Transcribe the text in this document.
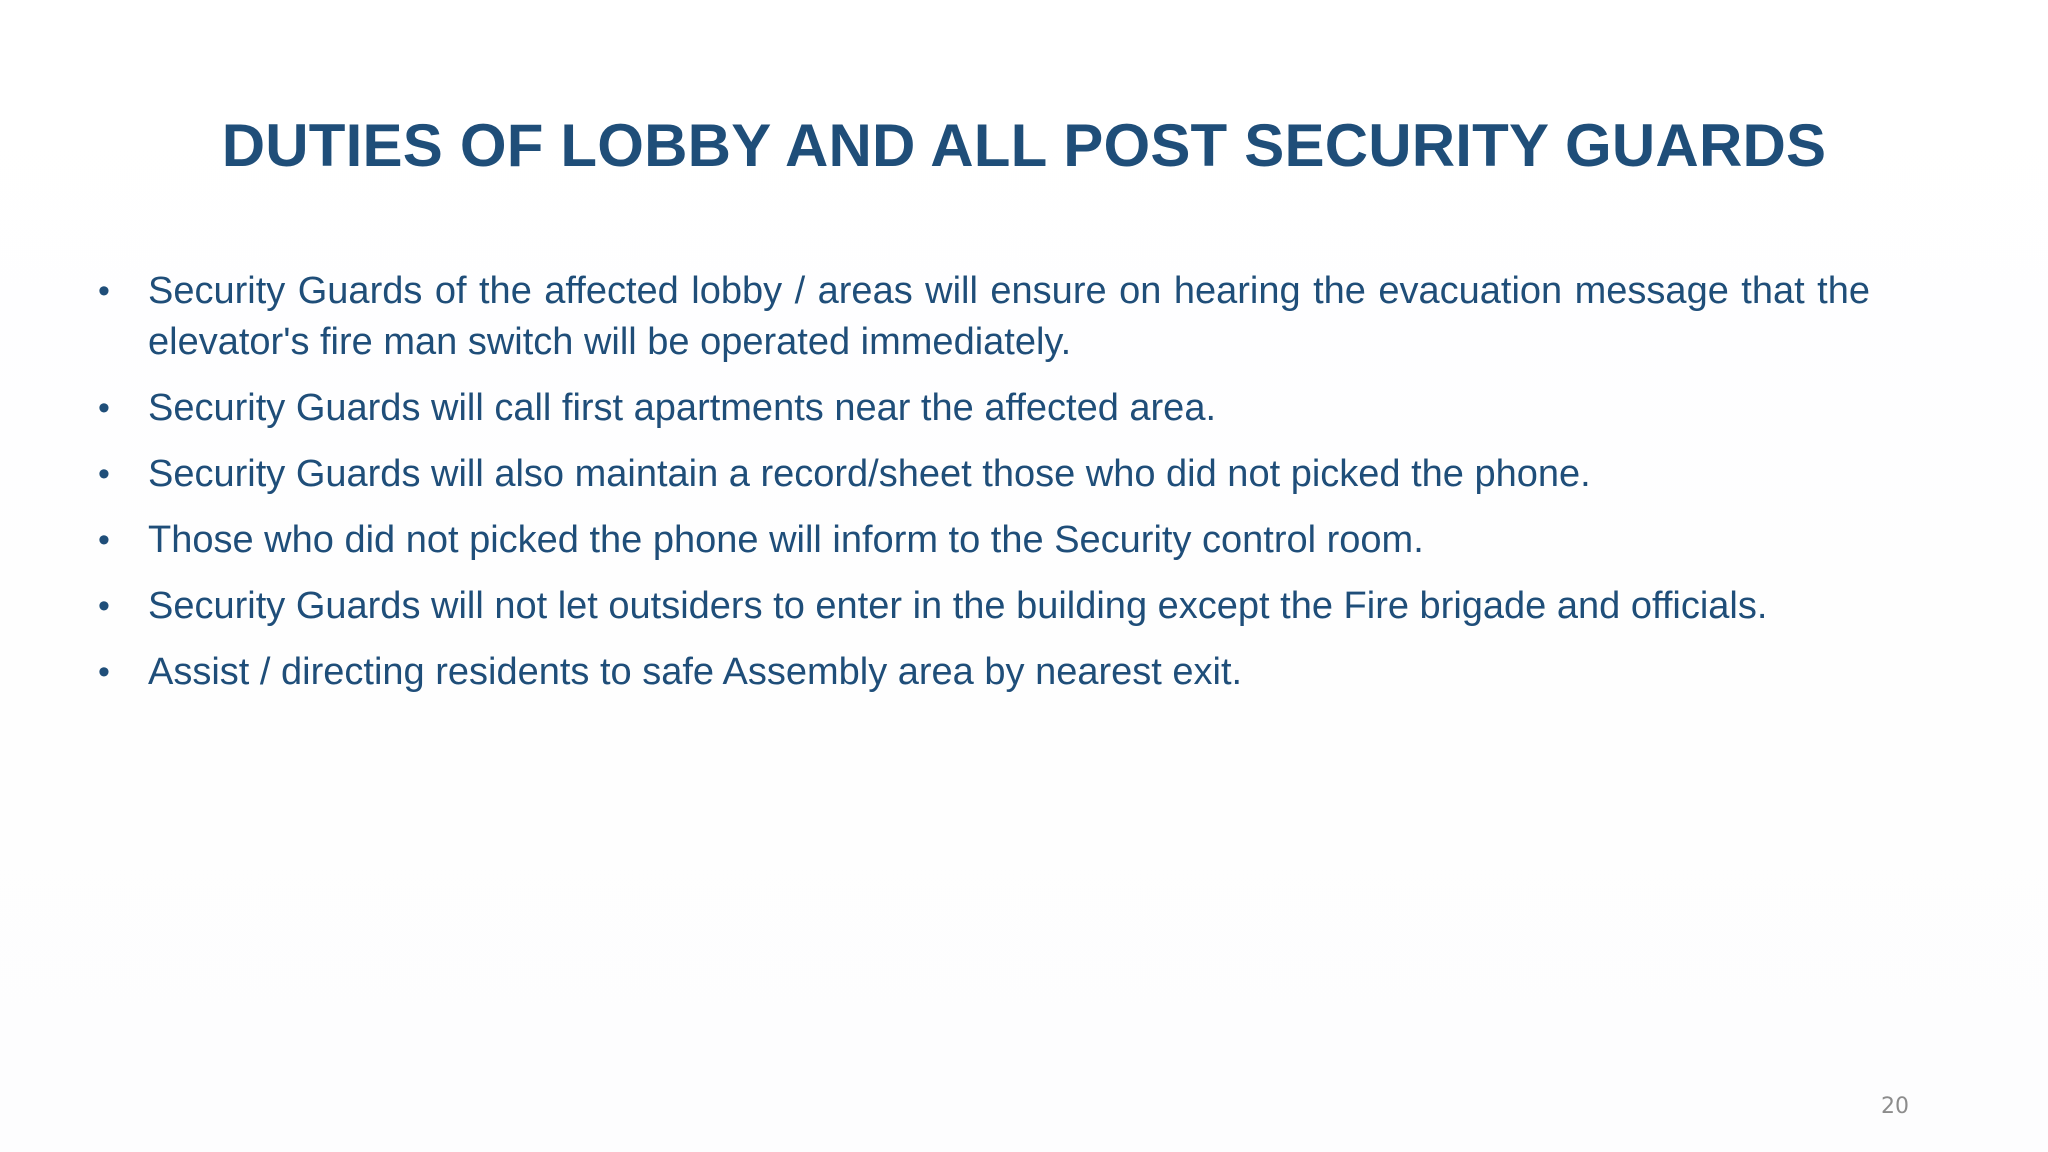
DUTIES OF LOBBY AND ALL POST SECURITY GUARDS
•	Security Guards of the affected lobby / areas will ensure on hearing the evacuation message that the elevator's fire man switch will be operated immediately.
•	Security Guards will call first apartments near the affected area.
•	Security Guards will also maintain a record/sheet those who did not picked the phone.
•	Those who did not picked the phone will inform to the Security control room.
•	Security Guards will not let outsiders to enter in the building except the Fire brigade and officials.
•	Assist / directing residents to safe Assembly area by nearest exit.
20
